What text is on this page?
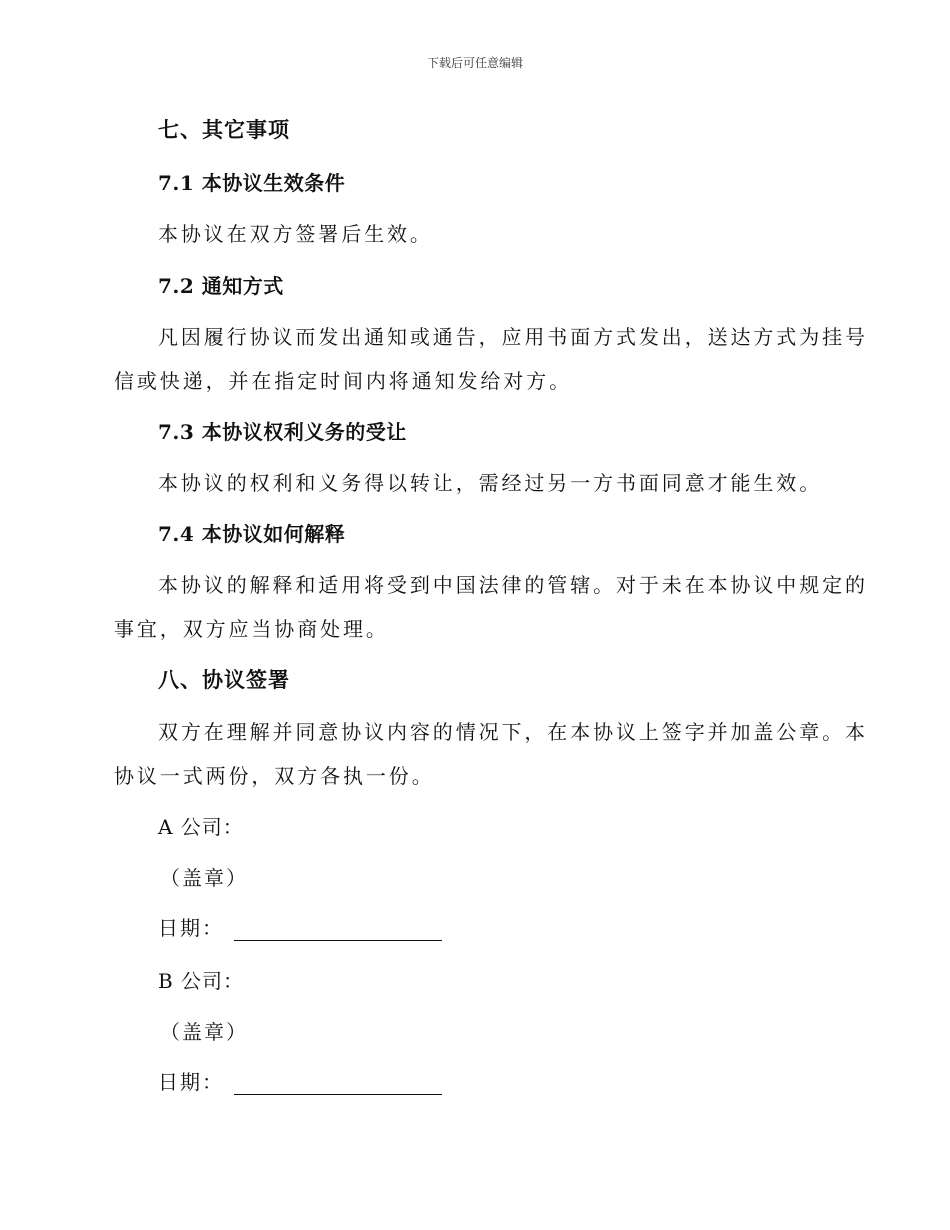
下载后可任意编辑
七、其它事项
7.1 本协议生效条件
本协议在双方签署后生效。
7.2 通知方式
凡因履行协议而发出通知或通告，应用书面方式发出，送达方式为挂号
信或快递，并在指定时间内将通知发给对方。
7.3 本协议权利义务的受让
本协议的权利和义务得以转让，需经过另一方书面同意才能生效。
7.4 本协议如何解释
本协议的解释和适用将受到中国法律的管辖。对于未在本协议中规定的
事宜，双方应当协商处理。
八、协议签署
双方在理解并同意协议内容的情况下，在本协议上签字并加盖公章。本
协议一式两份，双方各执一份。
A 公司：
（盖章）
日期：
B 公司：
（盖章）
日期：
